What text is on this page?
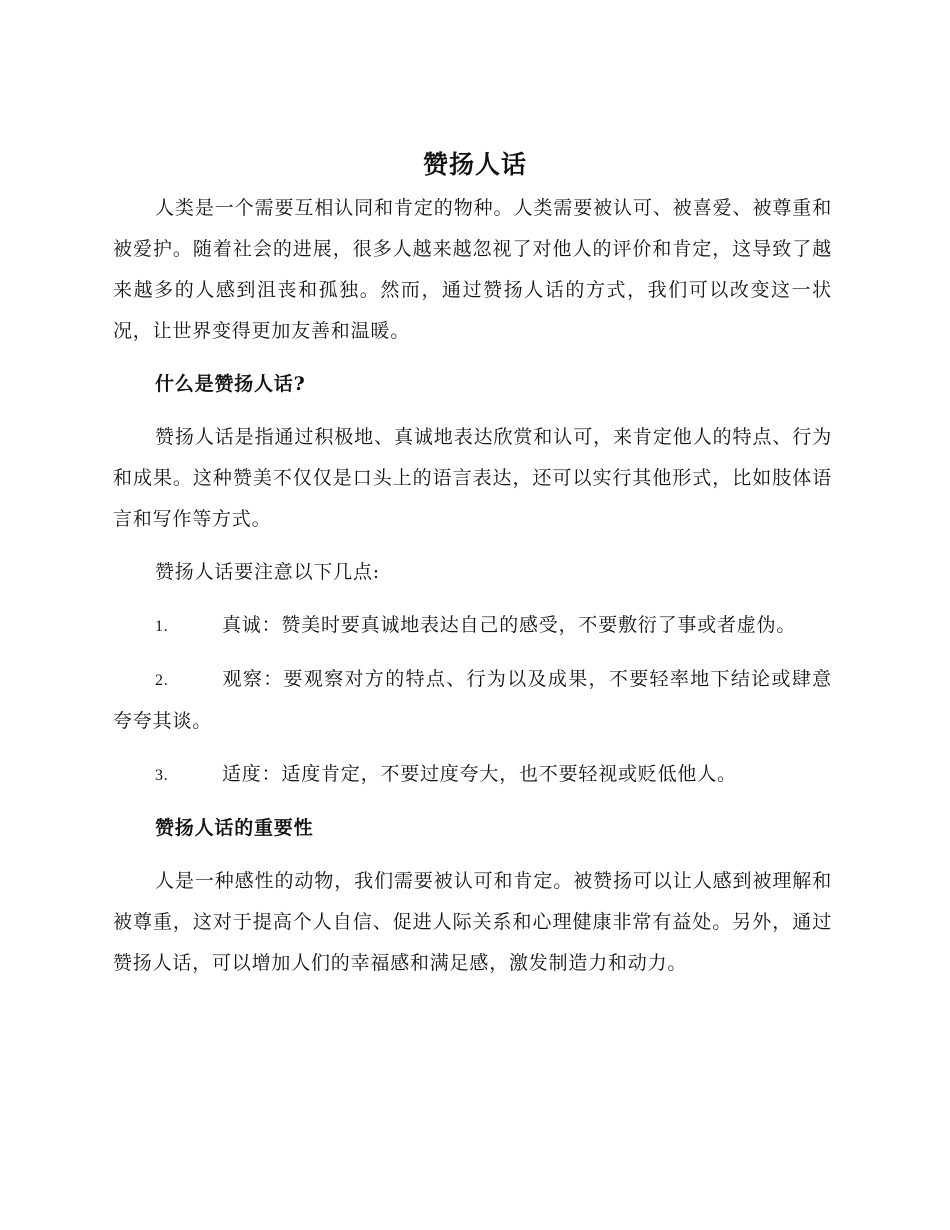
赞扬人话

人类是一个需要互相认同和肯定的物种。人类需要被认可、被喜爱、被尊重和被爱护。随着社会的进展，很多人越来越忽视了对他人的评价和肯定，这导致了越来越多的人感到沮丧和孤独。然而，通过赞扬人话的方式，我们可以改变这一状况，让世界变得更加友善和温暖。

什么是赞扬人话?

赞扬人话是指通过积极地、真诚地表达欣赏和认可，来肯定他人的特点、行为和成果。这种赞美不仅仅是口头上的语言表达，还可以实行其他形式，比如肢体语言和写作等方式。

赞扬人话要注意以下几点:

1.	真诚：赞美时要真诚地表达自己的感受，不要敷衍了事或者虚伪。

2.	观察：要观察对方的特点、行为以及成果，不要轻率地下结论或肆意夸夸其谈。

3.	适度：适度肯定，不要过度夸大，也不要轻视或贬低他人。

赞扬人话的重要性

人是一种感性的动物，我们需要被认可和肯定。被赞扬可以让人感到被理解和被尊重，这对于提高个人自信、促进人际关系和心理健康非常有益处。另外，通过赞扬人话，可以增加人们的幸福感和满足感，激发制造力和动力。
